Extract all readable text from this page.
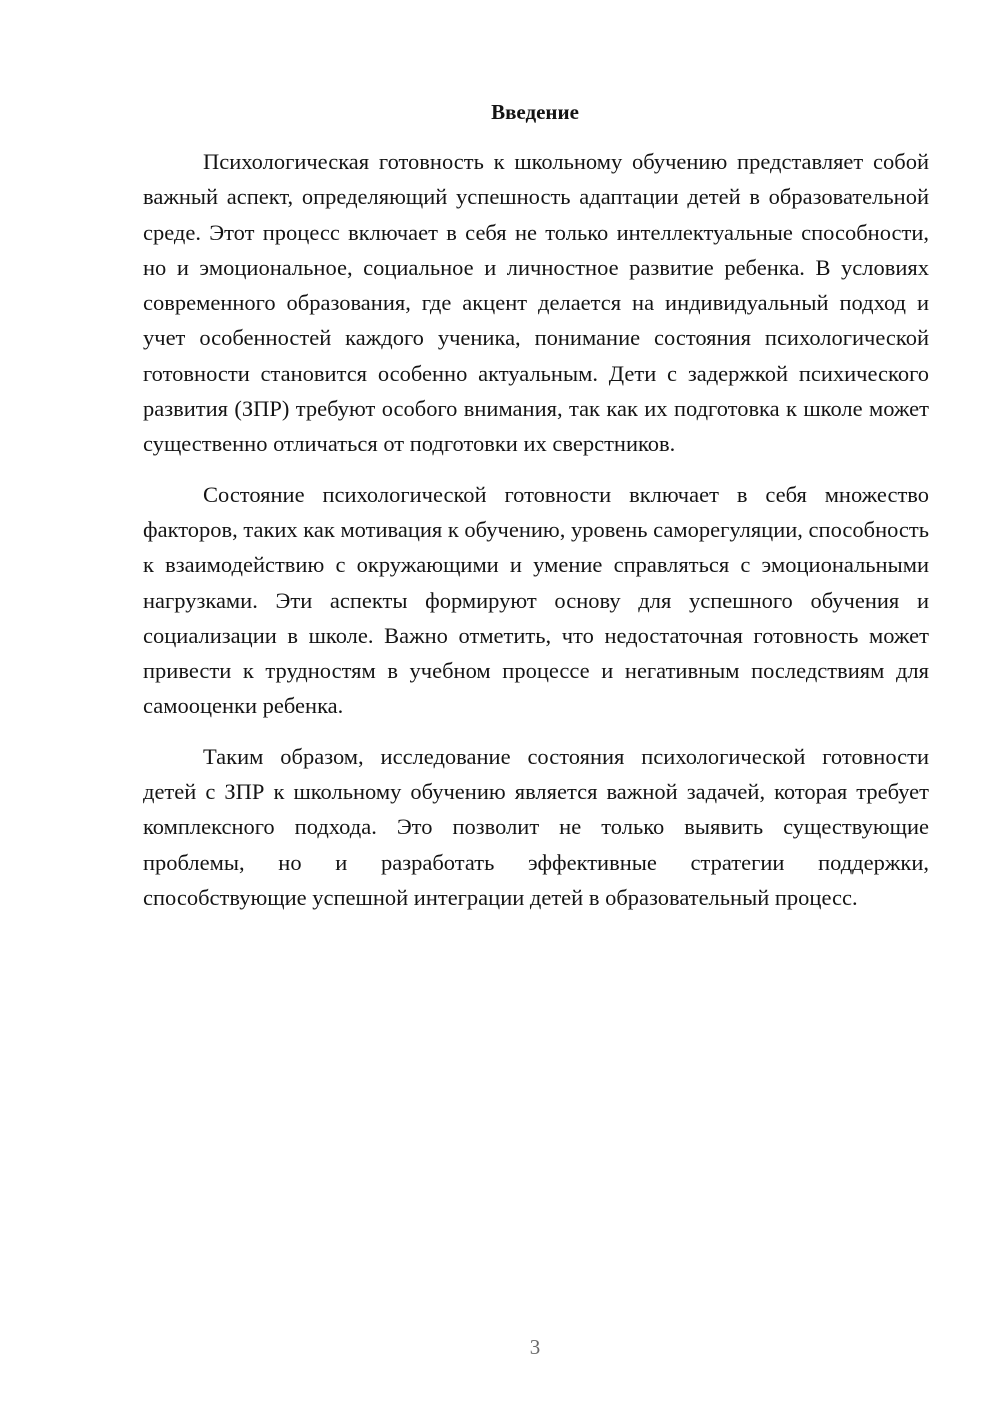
Введение

Психологическая готовность к школьному обучению представляет собой важный аспект, определяющий успешность адаптации детей в образовательной среде. Этот процесс включает в себя не только интеллектуальные способности, но и эмоциональное, социальное и личностное развитие ребенка. В условиях современного образования, где акцент делается на индивидуальный подход и учет особенностей каждого ученика, понимание состояния психологической готовности становится особенно актуальным. Дети с задержкой психического развития (ЗПР) требуют особого внимания, так как их подготовка к школе может существенно отличаться от подготовки их сверстников.

Состояние психологической готовности включает в себя множество факторов, таких как мотивация к обучению, уровень саморегуляции, способность к взаимодействию с окружающими и умение справляться с эмоциональными нагрузками. Эти аспекты формируют основу для успешного обучения и социализации в школе. Важно отметить, что недостаточная готовность может привести к трудностям в учебном процессе и негативным последствиям для самооценки ребенка.

Таким образом, исследование состояния психологической готовности детей с ЗПР к школьному обучению является важной задачей, которая требует комплексного подхода. Это позволит не только выявить существующие проблемы, но и разработать эффективные стратегии поддержки, способствующие успешной интеграции детей в образовательный процесс.

3
